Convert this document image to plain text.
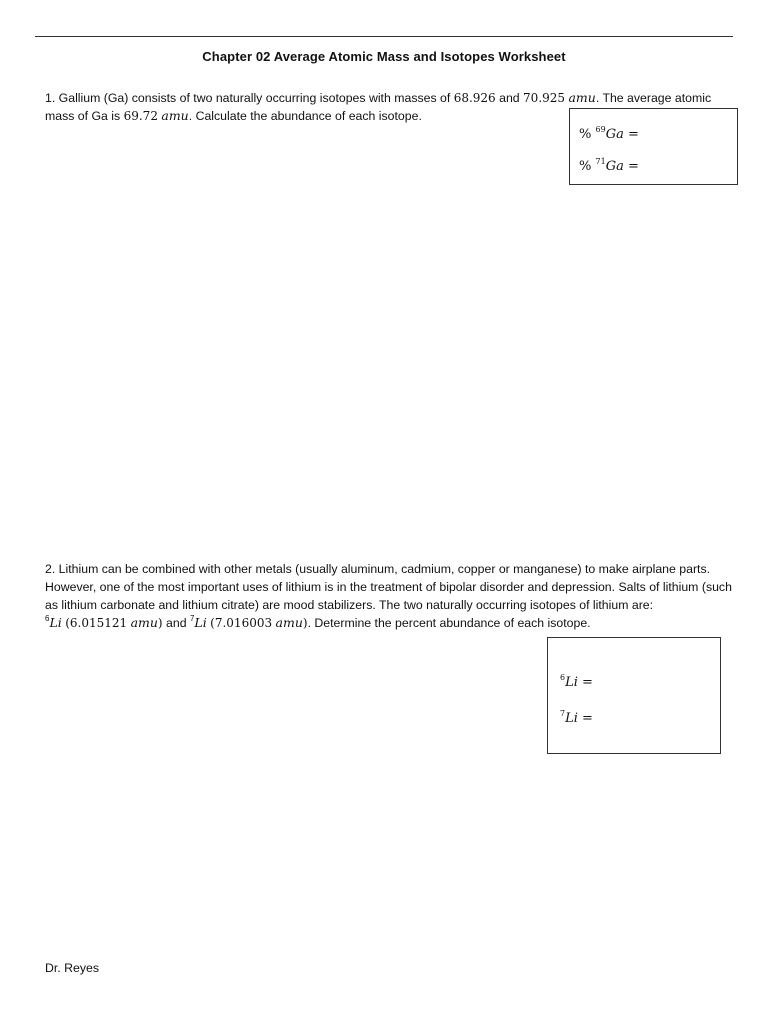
Chapter 02 Average Atomic Mass and Isotopes Worksheet
1. Gallium (Ga) consists of two naturally occurring isotopes with masses of 68.926 and 70.925 amu. The average atomic mass of Ga is 69.72 amu. Calculate the abundance of each isotope.
% $^{69}$Ga =
% $^{71}$Ga =
2. Lithium can be combined with other metals (usually aluminum, cadmium, copper or manganese) to make airplane parts. However, one of the most important uses of lithium is in the treatment of bipolar disorder and depression. Salts of lithium (such as lithium carbonate and lithium citrate) are mood stabilizers. The two naturally occurring isotopes of lithium are: $^6$Li (6.015121 amu) and $^7$Li (7.016003 amu). Determine the percent abundance of each isotope.
$^6$Li =
$^7$Li =
Dr. Reyes
